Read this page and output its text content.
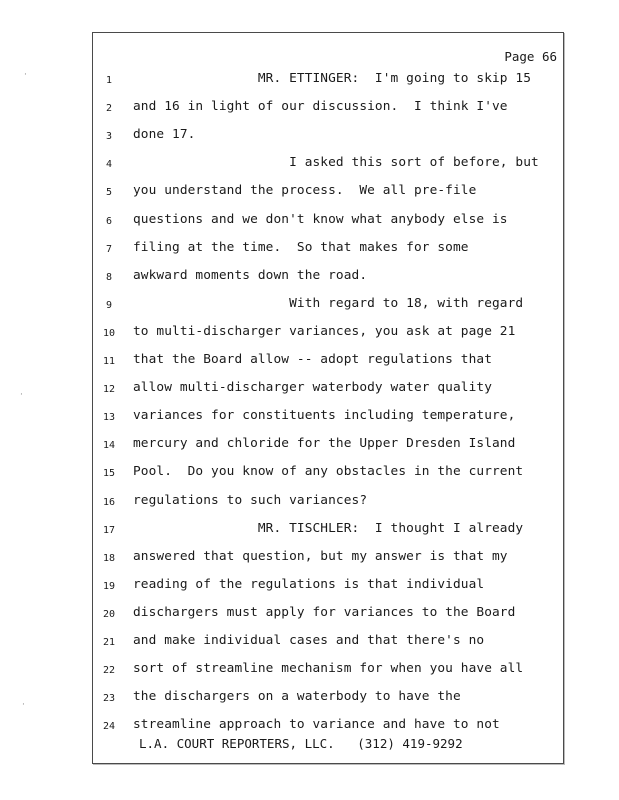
Page 66
1	MR. ETTINGER:  I'm going to skip 15
2	and 16 in light of our discussion.  I think I've
3	done 17.
4	I asked this sort of before, but
5	you understand the process.  We all pre-file
6	questions and we don't know what anybody else is
7	filing at the time.  So that makes for some
8	awkward moments down the road.
9	With regard to 18, with regard
10	to multi-discharger variances, you ask at page 21
11	that the Board allow -- adopt regulations that
12	allow multi-discharger waterbody water quality
13	variances for constituents including temperature,
14	mercury and chloride for the Upper Dresden Island
15	Pool.  Do you know of any obstacles in the current
16	regulations to such variances?
17	MR. TISCHLER:  I thought I already
18	answered that question, but my answer is that my
19	reading of the regulations is that individual
20	dischargers must apply for variances to the Board
21	and make individual cases and that there's no
22	sort of streamline mechanism for when you have all
23	the dischargers on a waterbody to have the
24	streamline approach to variance and have to not
L.A. COURT REPORTERS, LLC.   (312) 419-9292
·
·
·
